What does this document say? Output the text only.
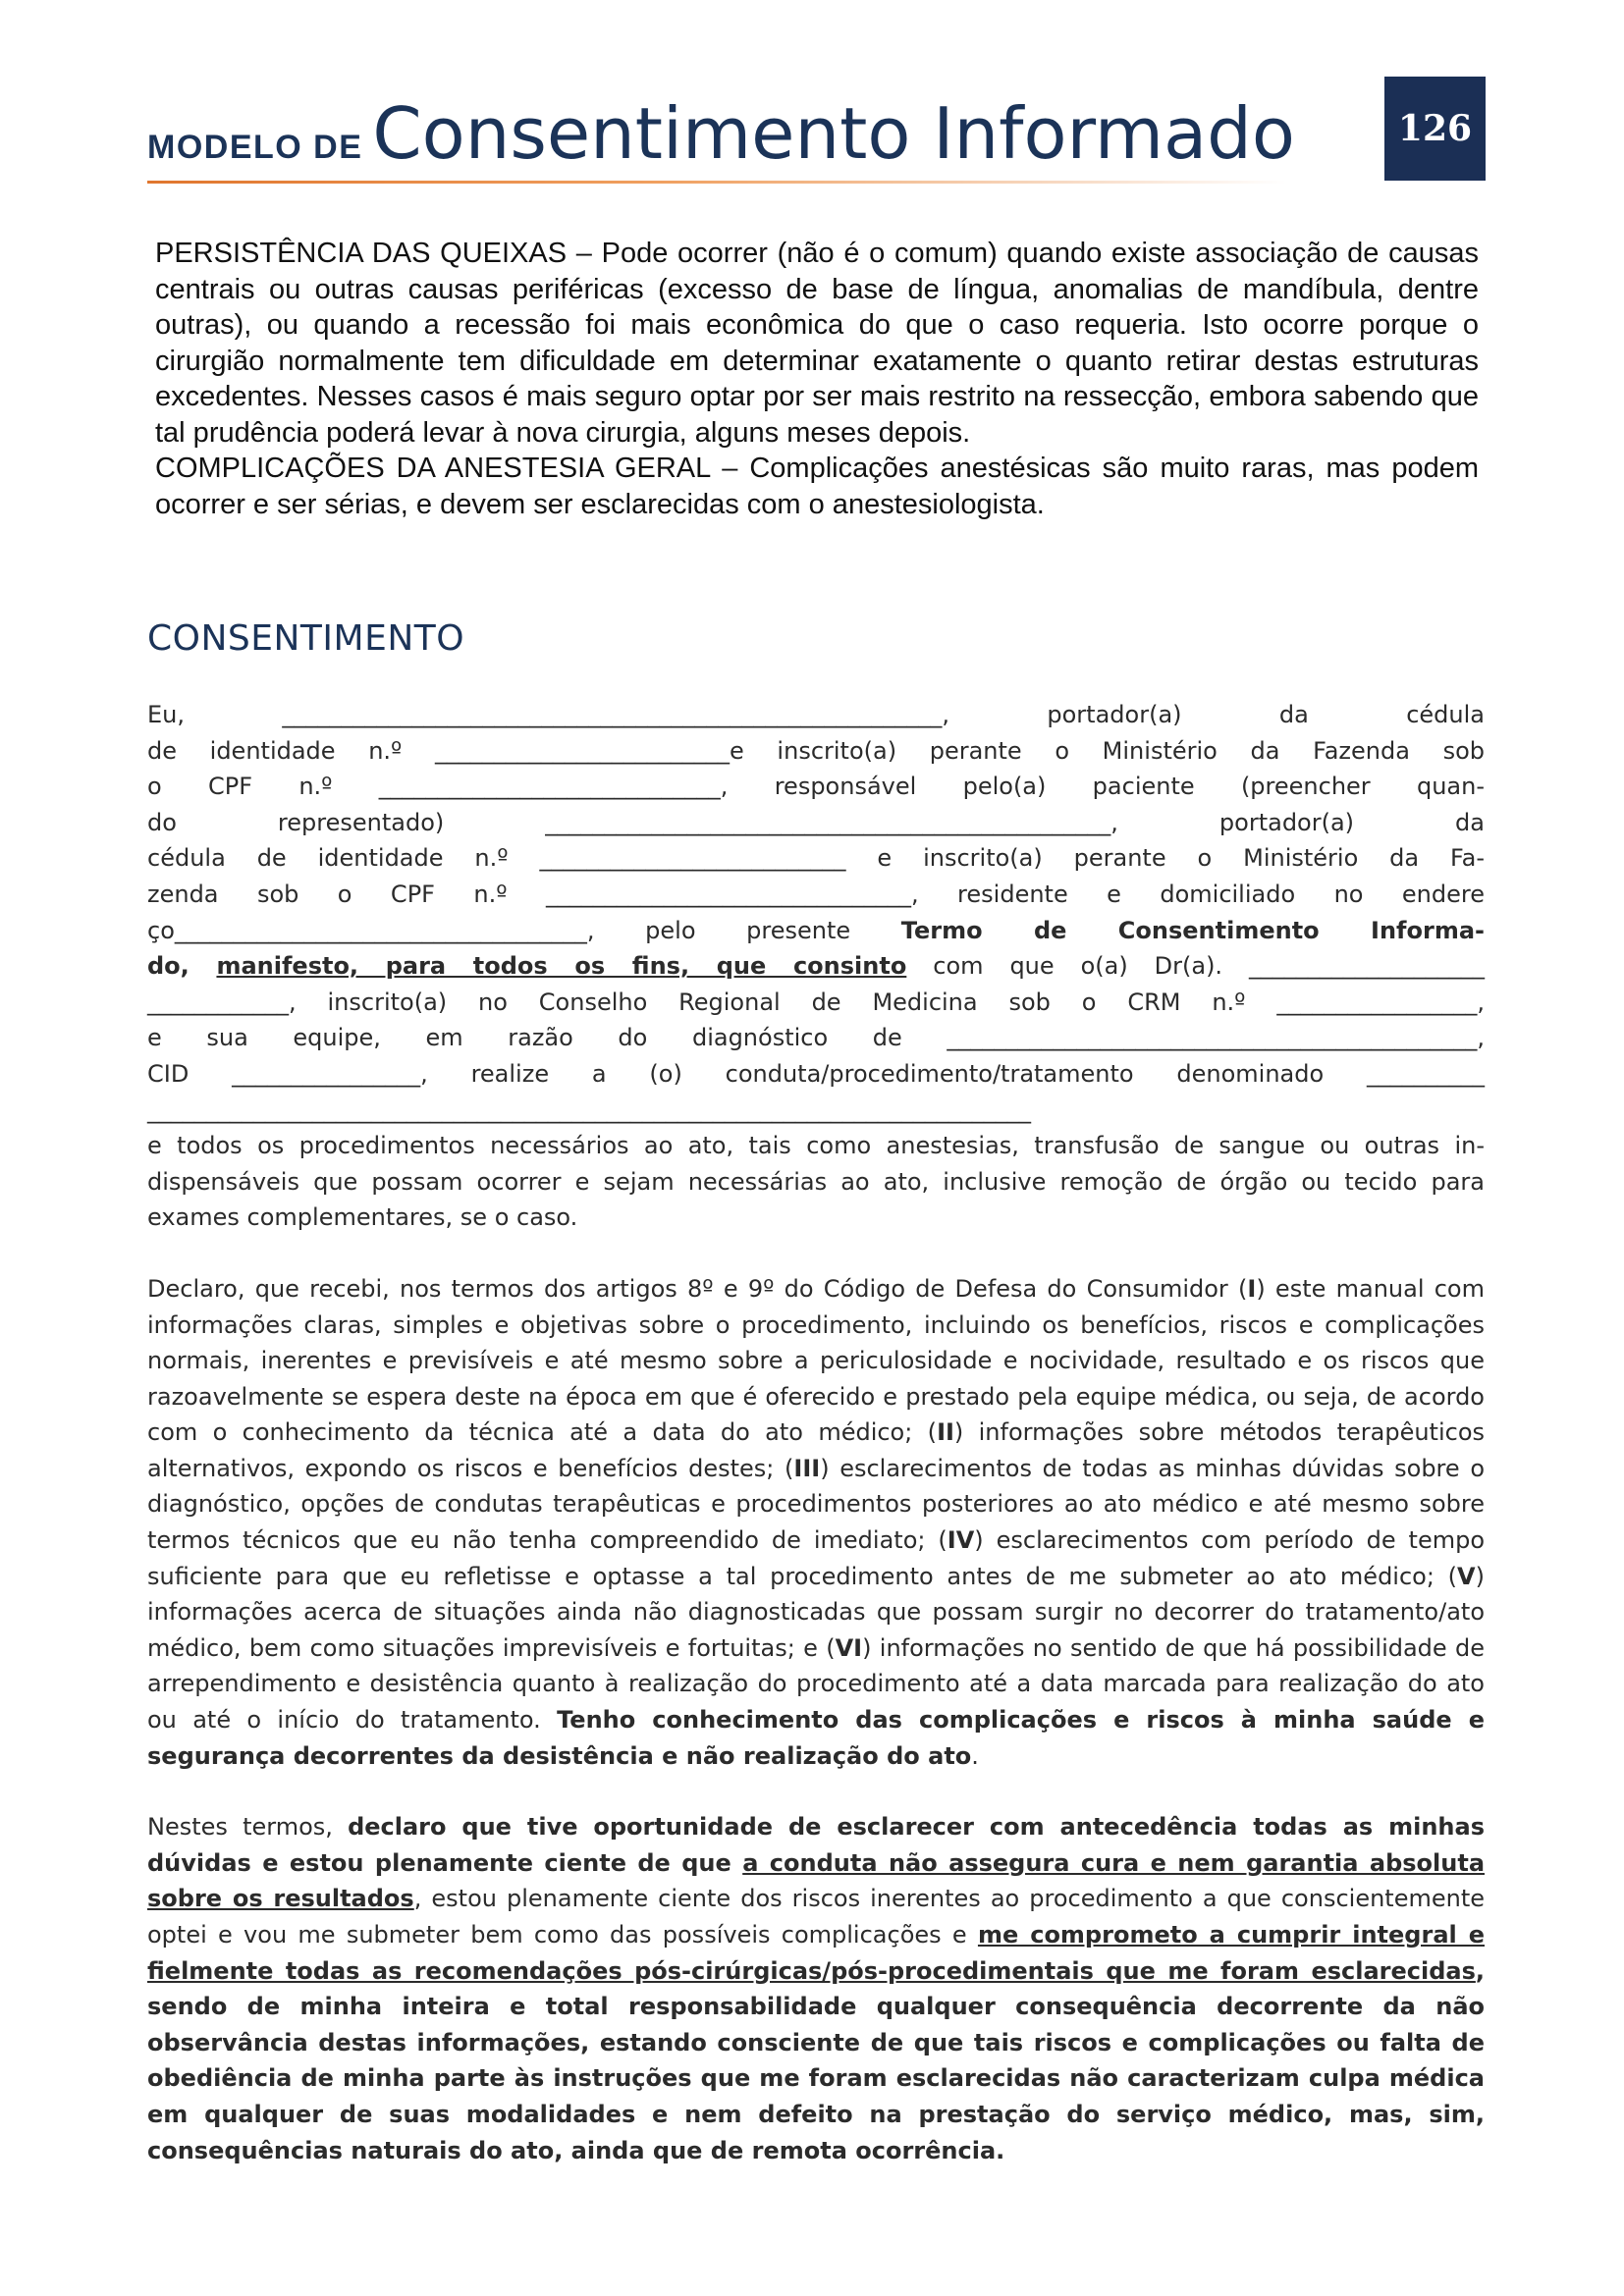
MODELO DE Consentimento Informado	126

PERSISTÊNCIA DAS QUEIXAS – Pode ocorrer (não é o comum) quando existe associação de causas centrais ou outras causas periféricas (excesso de base de língua, anomalias de mandíbula, dentre outras), ou quando a recessão foi mais econômica do que o caso requeria. Isto ocorre porque o cirurgião normalmente tem dificuldade em determinar exatamente o quanto retirar destas estruturas excedentes. Nesses casos é mais seguro optar por ser mais restrito na ressecção, embora sabendo que tal prudência poderá levar à nova cirurgia, alguns meses depois.

COMPLICAÇÕES DA ANESTESIA GERAL – Complicações anestésicas são muito raras, mas podem ocorrer e ser sérias, e devem ser esclarecidas com o anestesiologista.

CONSENTIMENTO
Eu, ________________________________________________________, portador(a) da cédula
de identidade n.º _________________________e inscrito(a) perante o Ministério da Fazenda sob
o CPF n.º _____________________________, responsável pelo(a) paciente (preencher quan-
do representado) ________________________________________________, portador(a) da
cédula de identidade n.º __________________________ e inscrito(a) perante o Ministério da Fa-
zenda sob o CPF n.º _______________________________, residente e domiciliado no endere
ço___________________________________, pelo presente Termo de Consentimento Informa-
do, manifesto, para todos os fins, que consinto com que o(a) Dr(a). ____________________
____________, inscrito(a) no Conselho Regional de Medicina sob o CRM n.º _________________,
e sua equipe, em razão do diagnóstico de _____________________________________________,
CID ________________, realize a (o) conduta/procedimento/tratamento denominado __________
___________________________________________________________________________
e todos os procedimentos necessários ao ato, tais como anestesias, transfusão de sangue ou outras in-
dispensáveis que possam ocorrer e sejam necessárias ao ato, inclusive remoção de órgão ou tecido para
exames complementares, se o caso.

Declaro, que recebi, nos termos dos artigos 8º e 9º do Código de Defesa do Consumidor (I) este manual com informações claras, simples e objetivas sobre o procedimento, incluindo os benefícios, riscos e complicações normais, inerentes e previsíveis e até mesmo sobre a periculosidade e nocividade, resultado e os riscos que razoavelmente se espera deste na época em que é oferecido e prestado pela equipe médica, ou seja, de acordo com o conhecimento da técnica até a data do ato médico; (II) informações sobre métodos terapêuticos alternativos, expondo os riscos e benefícios destes; (III) esclarecimentos de todas as minhas dúvidas sobre o diagnóstico, opções de condutas terapêuticas e procedimentos posteriores ao ato médico e até mesmo sobre termos técnicos que eu não tenha compreendido de imediato; (IV) esclarecimentos com período de tempo suficiente para que eu refletisse e optasse a tal procedimento antes de me submeter ao ato médico; (V) informações acerca de situações ainda não diagnosticadas que possam surgir no decorrer do tratamento/ato médico, bem como situações imprevisíveis e fortuitas; e (VI) informações no sentido de que há possibilidade de arrependimento e desistência quanto à realização do procedimento até a data marcada para realização do ato ou até o início do tratamento. Tenho conhecimento das complicações e riscos à minha saúde e segurança decorrentes da desistência e não realização do ato.

Nestes termos, declaro que tive oportunidade de esclarecer com antecedência todas as minhas dúvidas e estou plenamente ciente de que a conduta não assegura cura e nem garantia absoluta sobre os resultados, estou plenamente ciente dos riscos inerentes ao procedimento a que conscientemente optei e vou me submeter bem como das possíveis complicações e me comprometo a cumprir integral e fielmente todas as recomendações pós-cirúrgicas/pós-procedimentais que me foram esclarecidas, sendo de minha inteira e total responsabilidade qualquer consequência decorrente da não observância destas informações, estando consciente de que tais riscos e complicações ou falta de obediência de minha parte às instruções que me foram esclarecidas não caracterizam culpa médica em qualquer de suas modalidades e nem defeito na prestação do serviço médico, mas, sim, consequências naturais do ato, ainda que de remota ocorrência.
